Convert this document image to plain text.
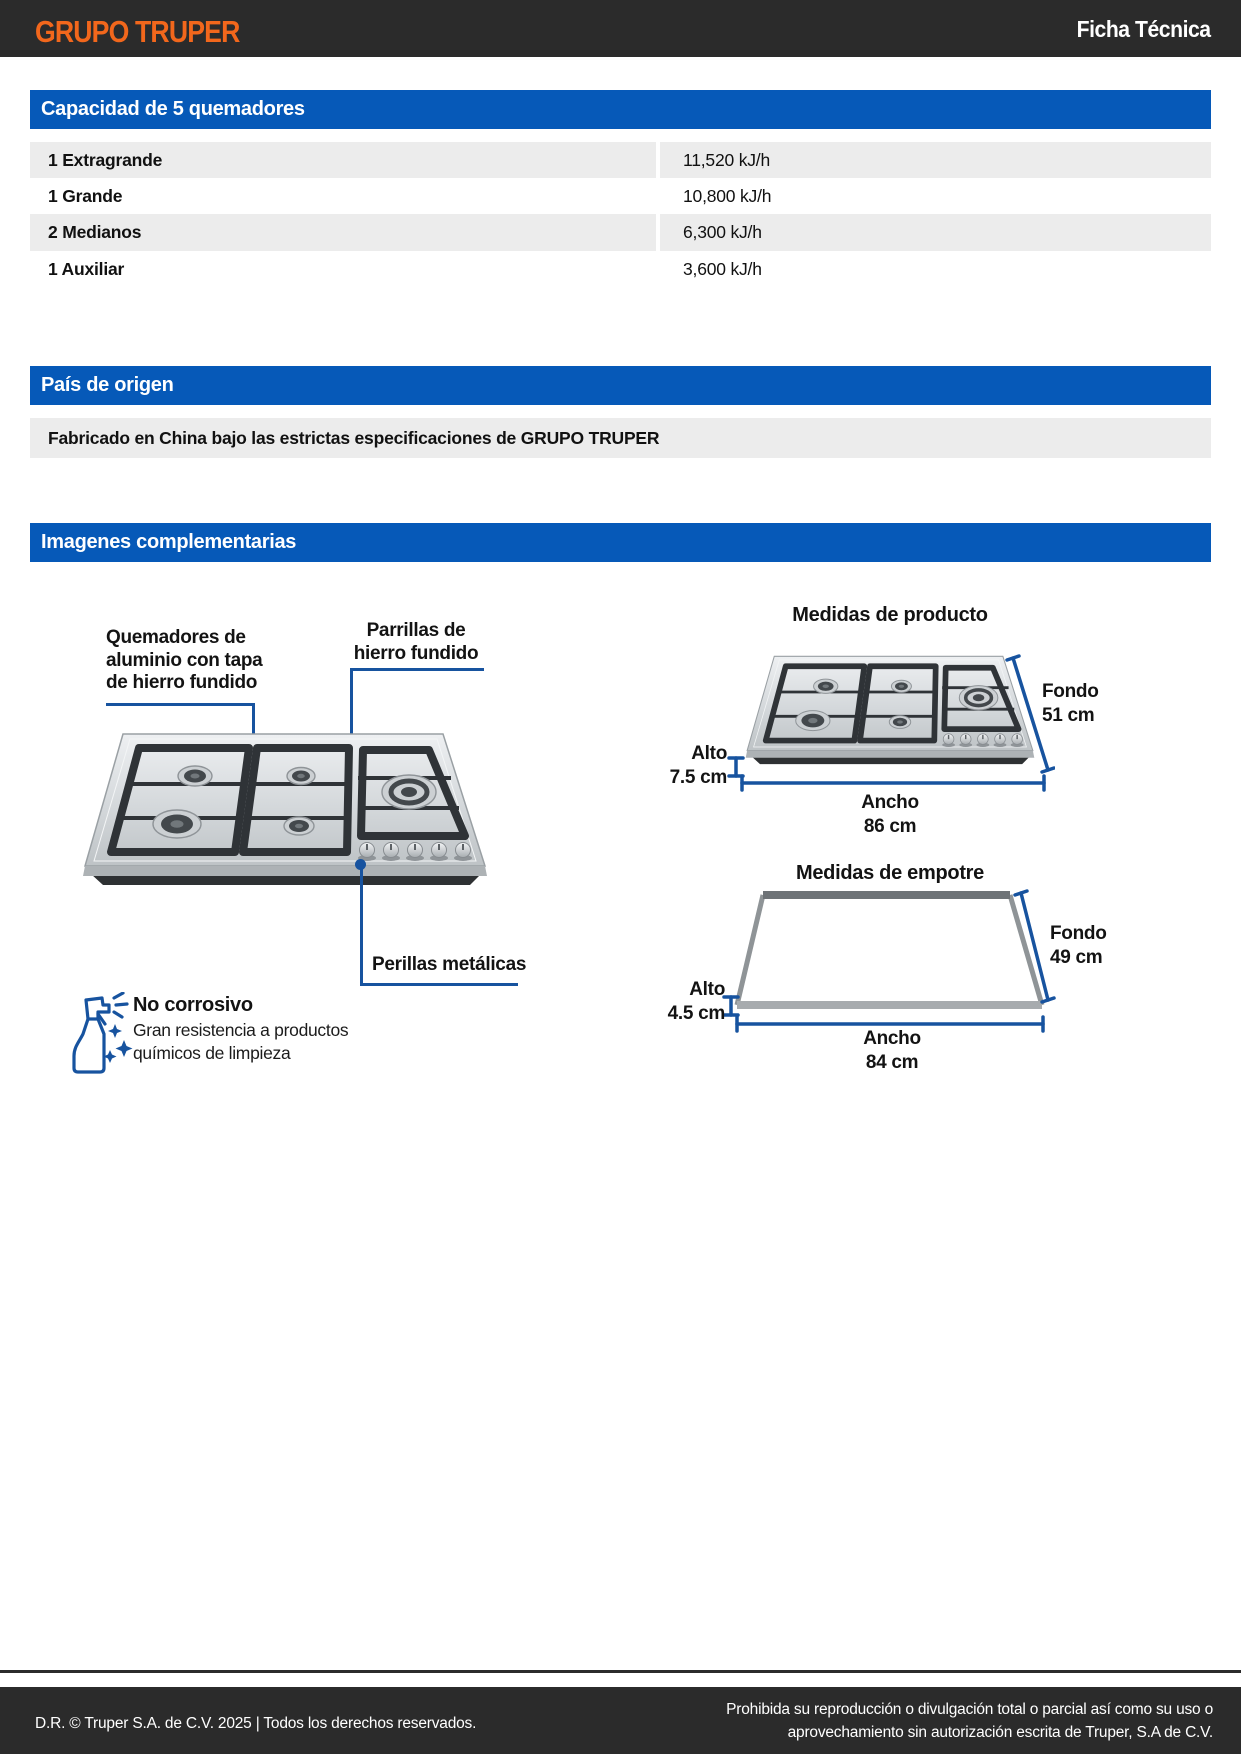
GRUPO TRUPER	Ficha Técnica
Capacidad de 5 quemadores
1 Extragrande	11,520 kJ/h
1 Grande	10,800 kJ/h
2 Medianos	6,300 kJ/h
1 Auxiliar	3,600 kJ/h
País de origen
Fabricado en China bajo las estrictas especificaciones de GRUPO TRUPER
Imagenes complementarias
Quemadores de
aluminio con tapa
de hierro fundido
Parrillas de
hierro fundido
Perillas metálicas
No corrosivo
Gran resistencia a productos
químicos de limpieza
Medidas de producto
Fondo
51 cm
Alto
7.5 cm
Ancho
86 cm
Medidas de empotre
Fondo
49 cm
Alto
4.5 cm
Ancho
84 cm
D.R. © Truper S.A. de C.V. 2025 | Todos los derechos reservados.
Prohibida su reproducción o divulgación total o parcial así como su uso o
aprovechamiento sin autorización escrita de Truper, S.A de C.V.
